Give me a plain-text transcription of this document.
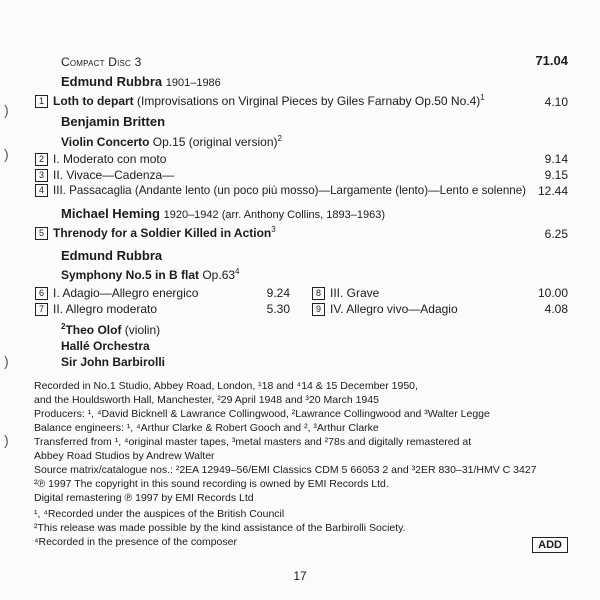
)
)
)
)
Compact Disc 3	71.04
Edmund Rubbra 1901–1986
1 Loth to depart (Improvisations on Virginal Pieces by Giles Farnaby Op.50 No.4)$^1$	4.10
Benjamin Britten
Violin Concerto Op.15 (original version)$^2$
2 I. Moderato con moto	9.14
3 II. Vivace—Cadenza—	9.15
4 III. Passacaglia (Andante lento (un poco più mosso)—Largamente (lento)—Lento e solenne) 12.44
Michael Heming 1920–1942 (arr. Anthony Collins, 1893–1963)
5 Threnody for a Soldier Killed in Action$^3$	6.25
Edmund Rubbra
Symphony No.5 in B flat $Op.63^4$
6 I. Adagio—Allegro energico	9.24
7 II. Allegro moderato	5.30
8 III. Grave	10.00
9 IV. Allegro vivo—Adagio	4.08
$^2$Theo Olof (violin)
Hallé Orchestra
Sir John Barbirolli
Recorded in No.1 Studio, Abbey Road, London, ¹18 and ⁴14 & 15 December 1950,
and the Houldsworth Hall, Manchester, ²29 April 1948 and ³20 March 1945
Producers: ¹, ⁴David Bicknell & Lawrance Collingwood, ²Lawrance Collingwood and ³Walter Legge
Balance engineers: ¹, ⁴Arthur Clarke & Robert Gooch and ², ³Arthur Clarke
Transferred from ¹, ⁴original master tapes, ³metal masters and ²78s and digitally remastered at
Abbey Road Studios by Andrew Walter
Source matrix/catalogue nos.: ²2EA 12949–56/EMI Classics CDM 5 66053 2 and ³2ER 830–31/HMV C 3427
²℗ 1997 The copyright in this sound recording is owned by EMI Records Ltd.
Digital remastering ℗ 1997 by EMI Records Ltd
¹, ⁴Recorded under the auspices of the British Council
²This release was made possible by the kind assistance of the Barbirolli Society.
⁴Recorded in the presence of the composer	ADD
17
